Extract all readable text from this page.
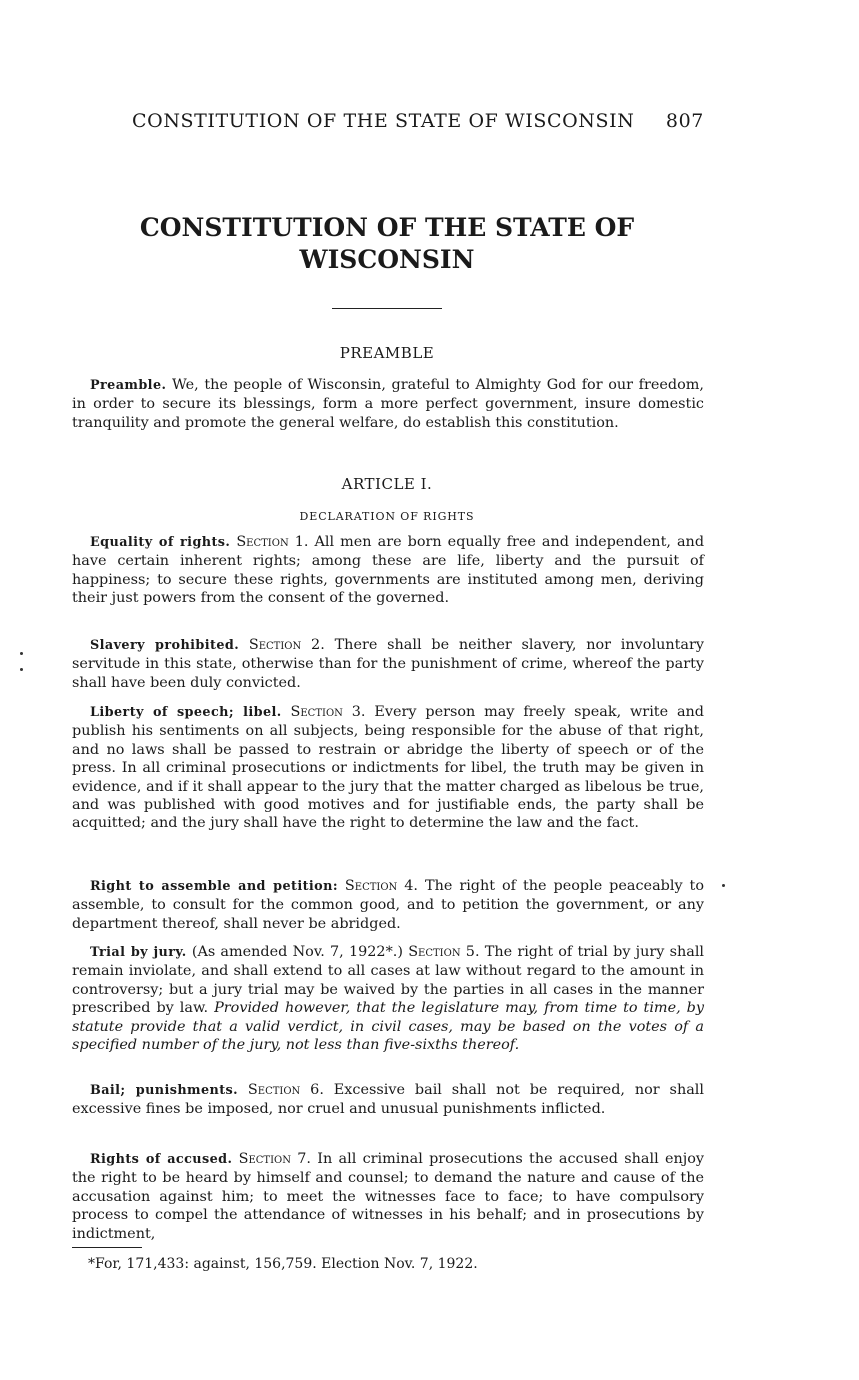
CONSTITUTION OF THE STATE OF WISCONSIN 807
CONSTITUTION OF THE STATE OF WISCONSIN
PREAMBLE
Preamble. We, the people of Wisconsin, grateful to Almighty God for our freedom, in order to secure its blessings, form a more perfect government, insure domestic tranquility and promote the general welfare, do establish this constitution.
ARTICLE I.
DECLARATION OF RIGHTS
Equality of rights. Section 1. All men are born equally free and independent, and have certain inherent rights; among these are life, liberty and the pursuit of happiness; to secure these rights, governments are instituted among men, deriving their just powers from the consent of the governed.
Slavery prohibited. Section 2. There shall be neither slavery, nor involuntary servitude in this state, otherwise than for the punishment of crime, whereof the party shall have been duly convicted.
Liberty of speech; libel. Section 3. Every person may freely speak, write and publish his sentiments on all subjects, being responsible for the abuse of that right, and no laws shall be passed to restrain or abridge the liberty of speech or of the press. In all criminal prosecutions or indictments for libel, the truth may be given in evidence, and if it shall appear to the jury that the matter charged as libelous be true, and was published with good motives and for justifiable ends, the party shall be acquitted; and the jury shall have the right to determine the law and the fact.
Right to assemble and petition: Section 4. The right of the people peaceably to assemble, to consult for the common good, and to petition the government, or any department thereof, shall never be abridged.
Trial by jury. (As amended Nov. 7, 1922*.) Section 5. The right of trial by jury shall remain inviolate, and shall extend to all cases at law without regard to the amount in controversy; but a jury trial may be waived by the parties in all cases in the manner prescribed by law. Provided however, that the legislature may, from time to time, by statute provide that a valid verdict, in civil cases, may be based on the votes of a specified number of the jury, not less than five-sixths thereof.
Bail; punishments. Section 6. Excessive bail shall not be required, nor shall excessive fines be imposed, nor cruel and unusual punishments inflicted.
Rights of accused. Section 7. In all criminal prosecutions the accused shall enjoy the right to be heard by himself and counsel; to demand the nature and cause of the accusation against him; to meet the witnesses face to face; to have compulsory process to compel the attendance of witnesses in his behalf; and in prosecutions by indictment,
*For, 171,433: against, 156,759. Election Nov. 7, 1922.
